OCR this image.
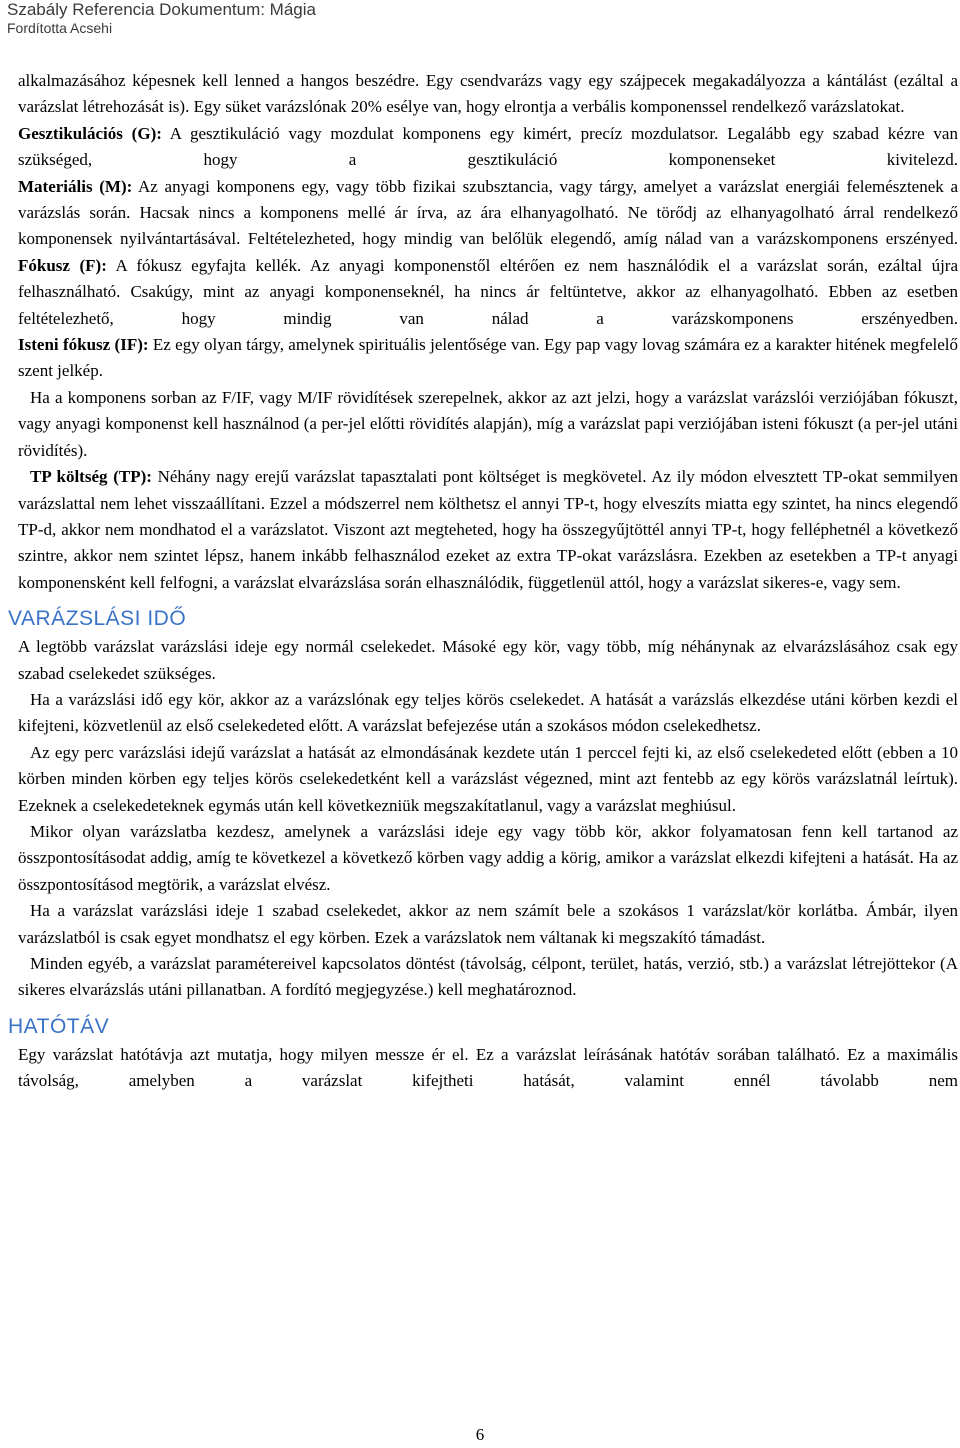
Szabály Referencia Dokumentum: Mágia
Fordította Acsehi

alkalmazásához képesnek kell lenned a hangos beszédre. Egy csendvarázs vagy egy szájpecek megakadályozza a kántálást (ezáltal a varázslat létrehozását is). Egy süket varázslónak 20% esélye van, hogy elrontja a verbális komponenssel rendelkező varázslatokat.

Gesztikulációs (G): A gesztikuláció vagy mozdulat komponens egy kimért, precíz mozdulatsor. Legalább egy szabad kézre van szükséged, hogy a gesztikuláció komponenseket kivitelezd.

Materiális (M): Az anyagi komponens egy, vagy több fizikai szubsztancia, vagy tárgy, amelyet a varázslat energiái felemésztenek a varázslás során. Hacsak nincs a komponens mellé ár írva, az ára elhanyagolható. Ne törődj az elhanyagolható árral rendelkező komponensek nyilvántartásával. Feltételezheted, hogy mindig van belőlük elegendő, amíg nálad van a varázskomponens erszényed.

Fókusz (F): A fókusz egyfajta kellék. Az anyagi komponenstől eltérően ez nem használódik el a varázslat során, ezáltal újra felhasználható. Csakúgy, mint az anyagi komponenseknél, ha nincs ár feltüntetve, akkor az elhanyagolható. Ebben az esetben feltételezhető, hogy mindig van nálad a varázskomponens erszényedben.

Isteni fókusz (IF): Ez egy olyan tárgy, amelynek spirituális jelentősége van. Egy pap vagy lovag számára ez a karakter hitének megfelelő szent jelkép.

Ha a komponens sorban az F/IF, vagy M/IF rövidítések szerepelnek, akkor az azt jelzi, hogy a varázslat varázslói verziójában fókuszt, vagy anyagi komponenst kell használnod (a per-jel előtti rövidítés alapján), míg a varázslat papi verziójában isteni fókuszt (a per-jel utáni rövidítés).

TP költség (TP): Néhány nagy erejű varázslat tapasztalati pont költséget is megkövetel. Az ily módon elvesztett TP-okat semmilyen varázslattal nem lehet visszaállítani. Ezzel a módszerrel nem költhetsz el annyi TP-t, hogy elveszíts miatta egy szintet, ha nincs elegendő TP-d, akkor nem mondhatod el a varázslatot. Viszont azt megteheted, hogy ha összegyűjtöttél annyi TP-t, hogy felléphetnél a következő szintre, akkor nem szintet lépsz, hanem inkább felhasználod ezeket az extra TP-okat varázslásra. Ezekben az esetekben a TP-t anyagi komponensként kell felfogni, a varázslat elvarázslása során elhasználódik, függetlenül attól, hogy a varázslat sikeres-e, vagy sem.

VARÁZSLÁSI IDŐ

A legtöbb varázslat varázslási ideje egy normál cselekedet. Másoké egy kör, vagy több, míg néhánynak az elvarázslásához csak egy szabad cselekedet szükséges.

Ha a varázslási idő egy kör, akkor az a varázslónak egy teljes körös cselekedet. A hatását a varázslás elkezdése utáni körben kezdi el kifejteni, közvetlenül az első cselekedeted előtt. A varázslat befejezése után a szokásos módon cselekedhetsz.

Az egy perc varázslási idejű varázslat a hatását az elmondásának kezdete után 1 perccel fejti ki, az első cselekedeted előtt (ebben a 10 körben minden körben egy teljes körös cselekedetként kell a varázslást végezned, mint azt fentebb az egy körös varázslatnál leírtuk). Ezeknek a cselekedeteknek egymás után kell következniük megszakítatlanul, vagy a varázslat meghiúsul.

Mikor olyan varázslatba kezdesz, amelynek a varázslási ideje egy vagy több kör, akkor folyamatosan fenn kell tartanod az összpontosításodat addig, amíg te következel a következő körben vagy addig a körig, amikor a varázslat elkezdi kifejteni a hatását. Ha az összpontosításod megtörik, a varázslat elvész.

Ha a varázslat varázslási ideje 1 szabad cselekedet, akkor az nem számít bele a szokásos 1 varázslat/kör korlátba. Ámbár, ilyen varázslatból is csak egyet mondhatsz el egy körben. Ezek a varázslatok nem váltanak ki megszakító támadást.

Minden egyéb, a varázslat paramétereivel kapcsolatos döntést (távolság, célpont, terület, hatás, verzió, stb.) a varázslat létrejöttekor (A sikeres elvarázslás utáni pillanatban. A fordító megjegyzése.) kell meghatároznod.

HATÓTÁV

Egy varázslat hatótávja azt mutatja, hogy milyen messze ér el. Ez a varázslat leírásának hatótáv sorában található. Ez a maximális távolság, amelyben a varázslat kifejtheti hatását, valamint ennél távolabb nem

6
